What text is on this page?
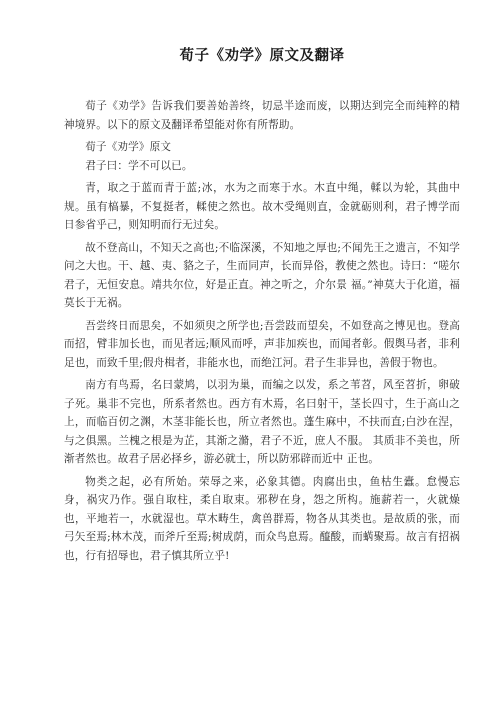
荀子《劝学》原文及翻译

荀子《劝学》告诉我们要善始善终，切忌半途而废，以期达到完全而纯粹的精神境界。以下的原文及翻译希望能对你有所帮助。

荀子《劝学》原文

君子曰：学不可以已。

青，取之于蓝而青于蓝;冰，水为之而寒于水。木直中绳，輮以为轮，其曲中规。虽有槁暴，不复挺者，輮使之然也。故木受绳则直，金就砺则利，君子博学而日参省乎己，则知明而行无过矣。

故不登高山，不知天之高也;不临深溪，不知地之厚也;不闻先王之遗言，不知学问之大也。干、越、夷、貉之子，生而同声，长而异俗，教使之然也。诗曰：“嗟尔君子，无恒安息。靖共尔位，好是正直。神之听之，介尔景 福。”神莫大于化道，福莫长于无祸。

吾尝终日而思矣，不如须臾之所学也;吾尝跂而望矣，不如登高之博见也。登高而招，臂非加长也，而见者远;顺风而呼，声非加疾也，而闻者彰。假舆马者，非利足也，而致千里;假舟楫者，非能水也，而绝江河。君子生非异也，善假于物也。

南方有鸟焉，名曰蒙鸠，以羽为巢，而编之以发，系之苇苕，风至苕折，卵破子死。巢非不完也，所系者然也。西方有木焉，名曰射干，茎长四寸，生于高山之上，而临百仞之渊，木茎非能长也，所立者然也。蓬生麻中，不扶而直;白沙在涅，与之俱黑。兰槐之根是为芷，其渐之滫，君子不近，庶人不服。 其质非不美也，所渐者然也。故君子居必择乡，游必就士，所以防邪辟而近中 正也。

物类之起，必有所始。荣辱之来，必象其德。肉腐出虫，鱼枯生蠹。怠慢忘身，祸灾乃作。强自取柱，柔自取束。邪秽在身，怨之所构。施薪若一，火就燥也，平地若一，水就湿也。草木畴生，禽兽群焉，物各从其类也。是故质的张，而弓矢至焉;林木茂，而斧斤至焉;树成荫，而众鸟息焉。醯酸，而蜹聚焉。故言有招祸也，行有招辱也，君子慎其所立乎!
